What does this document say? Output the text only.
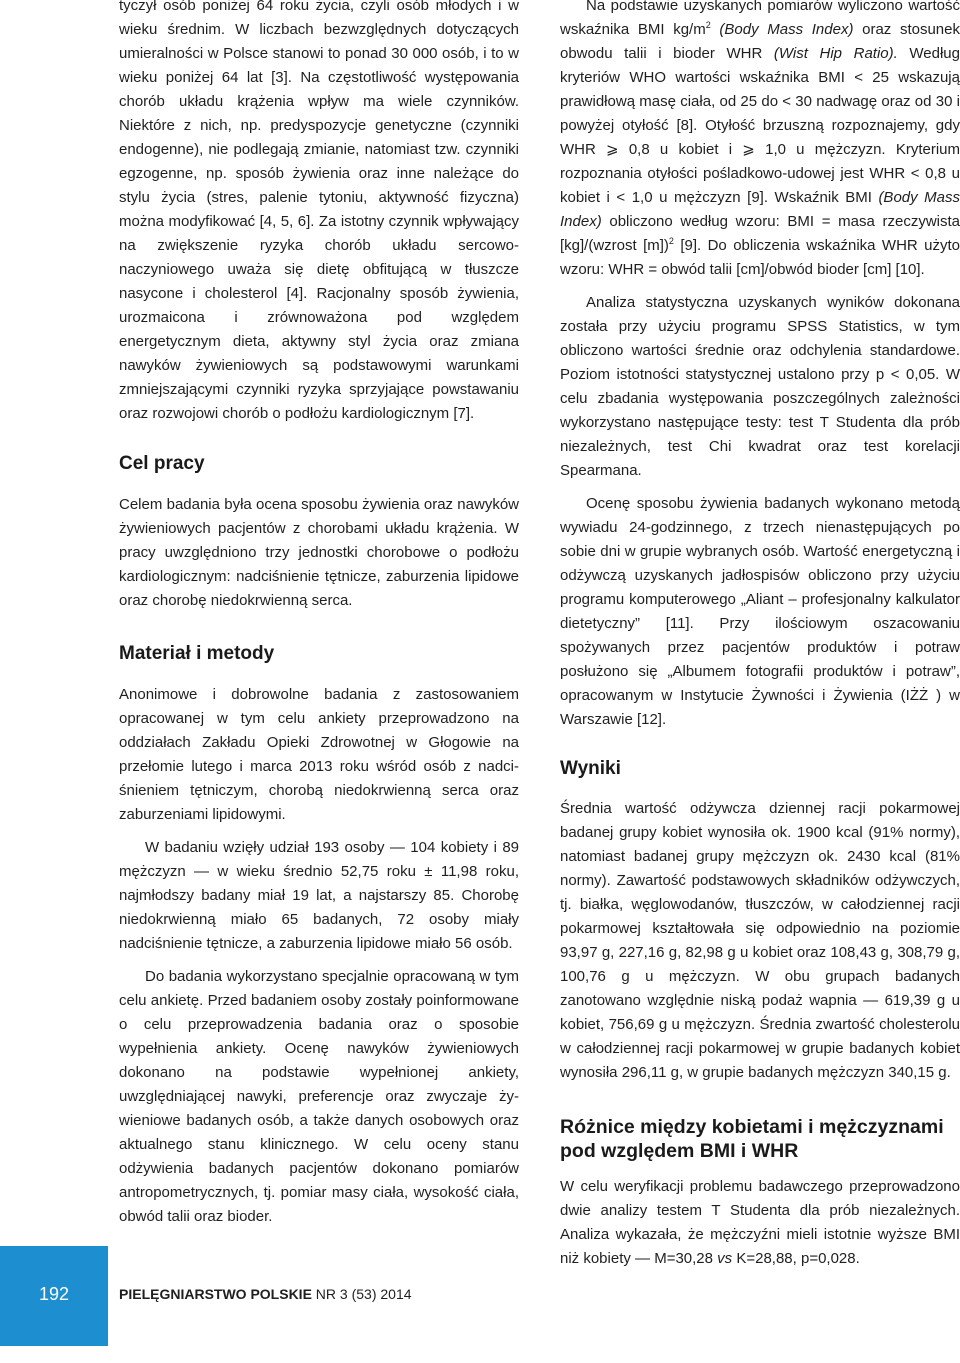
tyczył osób poniżej 64 roku życia, czyli osób młodych i w wieku średnim. W liczbach bezwzględnych dotyczących umieralności w Polsce stanowi to ponad 30 000 osób, i to w wieku poniżej 64 lat [3]. Na częstotliwość występowania chorób układu krążenia wpływ ma wiele czynników. Niektóre z nich, np. predyspozycje genetyczne (czynniki endogenne), nie podlegają zmianie, natomiast tzw. czynniki egzogenne, np. sposób żywienia oraz inne należące do stylu życia (stres, palenie tytoniu, aktywność fizyczna) można modyfikować [4, 5, 6]. Za istotny czynnik wpływający na zwiększenie ryzyka chorób układu sercowo-naczyniowego uważa się dietę obfitującą w tłuszcze nasycone i cholesterol [4]. Racjonalny sposób żywienia, urozmaicona i zrównoważona pod względem energetycznym dieta, aktywny styl życia oraz zmiana nawyków żywieniowych są podstawowymi warunkami zmniejszającymi czynniki ryzyka sprzyjające powstawaniu oraz rozwojowi chorób o podłożu kardiologicznym [7].

Cel pracy

Celem badania była ocena sposobu żywienia oraz nawyków żywieniowych pacjentów z chorobami układu krążenia. W pracy uwzględniono trzy jednostki chorobowe o podłożu kardiologicznym: nadciśnienie tętnicze, zaburzenia lipidowe oraz chorobę niedokrwienną serca.

Materiał i metody

Anonimowe i dobrowolne badania z zastosowaniem opracowanej w tym celu ankiety przeprowadzono na oddziałach Zakładu Opieki Zdrowotnej w Głogowie na przełomie lutego i marca 2013 roku wśród osób z nadciśnieniem tętniczym, chorobą niedokrwienną serca oraz zaburzeniami lipidowymi.

W badaniu wzięły udział 193 osoby — 104 kobiety i 89 mężczyzn — w wieku średnio 52,75 roku ± 11,98 roku, najmłodszy badany miał 19 lat, a najstarszy 85. Chorobę niedokrwienną miało 65 badanych, 72 osoby miały nadciśnienie tętnicze, a zaburzenia lipidowe miało 56 osób.

Do badania wykorzystano specjalnie opracowaną w tym celu ankietę. Przed badaniem osoby zostały poinformowane o celu przeprowadzenia badania oraz o sposobie wypełnienia ankiety. Ocenę nawyków żywieniowych dokonano na podstawie wypełnionej ankiety, uwzględniającej nawyki, preferencje oraz zwyczaje żywieniowe badanych osób, a także danych osobowych oraz aktualnego stanu klinicznego. W celu oceny stanu odżywienia badanych pacjentów dokonano pomiarów antropometrycznych, tj. pomiar masy ciała, wysokość ciała, obwód talii oraz bioder.

Na podstawie uzyskanych pomiarów wyliczono wartość wskaźnika BMI $kg/m^2$ (Body Mass Index) oraz stosunek obwodu talii i bioder WHR (Wist Hip Ratio). Według kryteriów WHO wartości wskaźnika BMI < 25 wskazują prawidłową masę ciała, od 25 do < 30 nadwagę oraz od 30 i powyżej otyłość [8]. Otyłość brzuszną rozpoznajemy, gdy WHR ⩾ 0,8 u kobiet i ⩾ 1,0 u mężczyzn. Kryterium rozpoznania otyłości pośladkowo-udowej jest WHR < 0,8 u kobiet i < 1,0 u mężczyzn [9]. Wskaźnik BMI (Body Mass Index) obliczono według wzoru: BMI = masa rzeczywista [kg]/(wzrost [m])$^2$ [9]. Do obliczenia wskaźnika WHR użyto wzoru: WHR = obwód talii [cm]/obwód bioder [cm] [10].

Analiza statystyczna uzyskanych wyników dokonana została przy użyciu programu SPSS Statistics, w tym obliczono wartości średnie oraz odchylenia standardowe. Poziom istotności statystycznej ustalono przy p < 0,05. W celu zbadania występowania poszczególnych zależności wykorzystano następujące testy: test T Studenta dla prób niezależnych, test Chi kwadrat oraz test korelacji Spearmana.

Ocenę sposobu żywienia badanych wykonano metodą wywiadu 24-godzinnego, z trzech nienastępujących po sobie dni w grupie wybranych osób. Wartość energetyczną i odżywczą uzyskanych jadłospisów obliczono przy użyciu programu komputerowego „Aliant – profesjonalny kalkulator dietetyczny” [11]. Przy ilościowym oszacowaniu spożywanych przez pacjentów produktów i potraw posłużono się „Albumem fotografii produktów i potraw”, opracowanym w Instytucie Żywności i Żywienia (IŻŻ ) w Warszawie [12].

Wyniki

Średnia wartość odżywcza dziennej racji pokarmowej badanej grupy kobiet wynosiła ok. 1900 kcal (91% normy), natomiast badanej grupy mężczyzn ok. 2430 kcal (81% normy). Zawartość podstawowych składników odżywczych, tj. białka, węglowodanów, tłuszczów, w całodziennej racji pokarmowej kształtowała się odpowiednio na poziomie 93,97 g, 227,16 g, 82,98 g u kobiet oraz 108,43 g, 308,79 g, 100,76 g u mężczyzn. W obu grupach badanych zanotowano względnie niską podaż wapnia — 619,39 g u kobiet, 756,69 g u mężczyzn. Średnia zwartość cholesterolu w całodziennej racji pokarmowej w grupie badanych kobiet wynosiła 296,11 g, w grupie badanych mężczyzn 340,15 g.

Różnice między kobietami i mężczyznami pod względem BMI i WHR

W celu weryfikacji problemu badawczego przeprowadzono dwie analizy testem T Studenta dla prób niezależnych. Analiza wykazała, że mężczyźni mieli istotnie wyższe BMI niż kobiety — M=30,28 vs K=28,88, p=0,028.

192	PIELĘGNIARSTWO POLSKIE NR 3 (53) 2014
